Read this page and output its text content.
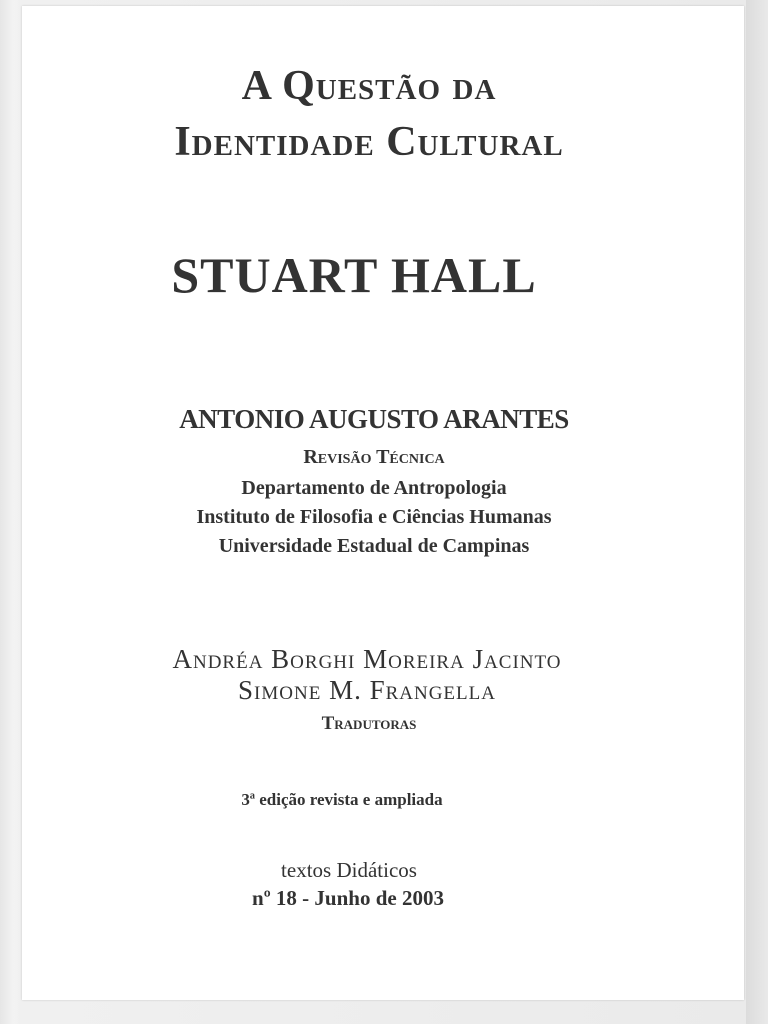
A Questão da
Identidade Cultural
STUART HALL

ANTONIO AUGUSTO ARANTES

Revisão Técnica

Departamento de Antropologia

Instituto de Filosofia e Ciências Humanas

Universidade Estadual de Campinas

Andréa Borghi Moreira Jacinto

Simone M. Frangella

Tradutoras

3ª edição revista e ampliada

textos Didáticos

nº 18 - Junho de 2003
